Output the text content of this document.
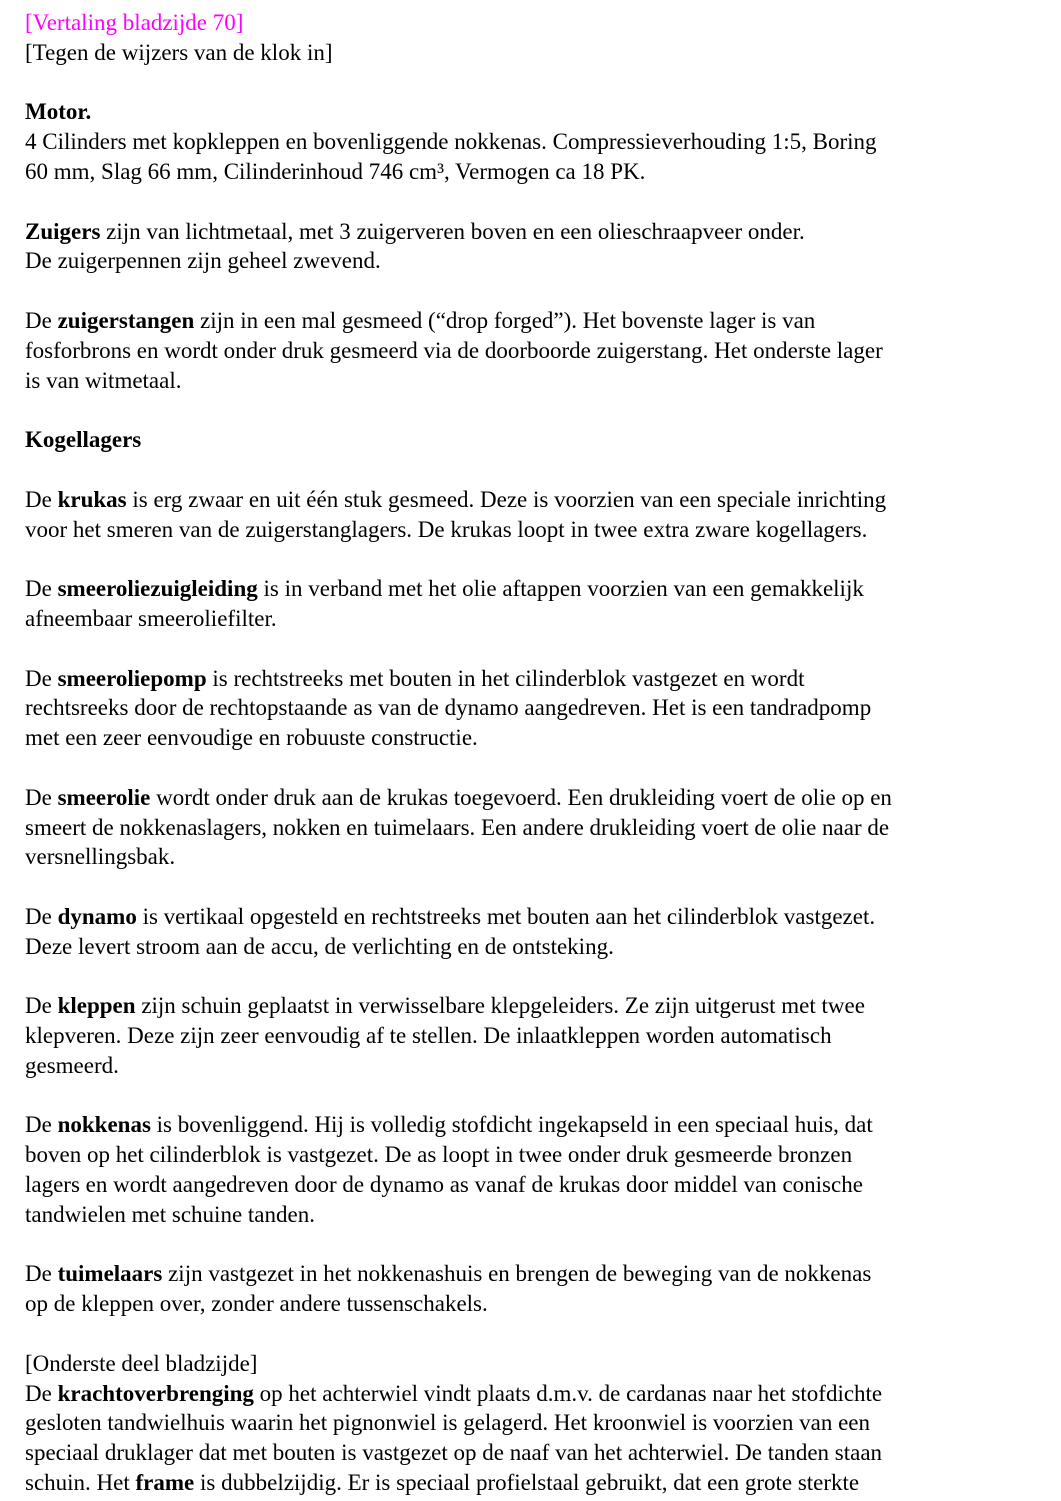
[Vertaling bladzijde 70]
[Tegen de wijzers van de klok in]
Motor.
4 Cilinders met kopkleppen en bovenliggende nokkenas. Compressieverhouding 1:5, Boring
60 mm, Slag 66 mm, Cilinderinhoud 746 cm³, Vermogen ca 18 PK.
Zuigers zijn van lichtmetaal, met 3 zuigerveren boven en een olieschraapveer onder.
De zuigerpennen zijn geheel zwevend.
De zuigerstangen zijn in een mal gesmeed (“drop forged”). Het bovenste lager is van
fosforbrons en wordt onder druk gesmeerd via de doorboorde zuigerstang. Het onderste lager
is van witmetaal.
Kogellagers
De krukas is erg zwaar en uit één stuk gesmeed. Deze is voorzien van een speciale inrichting
voor het smeren van de zuigerstanglagers. De krukas loopt in twee extra zware kogellagers.
De smeeroliezuigleiding is in verband met het olie aftappen voorzien van een gemakkelijk
afneembaar smeeroliefilter.
De smeeroliepomp is rechtstreeks met bouten in het cilinderblok vastgezet en wordt
rechtsreeks door de rechtopstaande as van de dynamo aangedreven. Het is een tandradpomp
met een zeer eenvoudige en robuuste constructie.
De smeerolie wordt onder druk aan de krukas toegevoerd. Een drukleiding voert de olie op en
smeert de nokkenaslagers, nokken en tuimelaars. Een andere drukleiding voert de olie naar de
versnellingsbak.
De dynamo is vertikaal opgesteld en rechtstreeks met bouten aan het cilinderblok vastgezet.
Deze levert stroom aan de accu, de verlichting en de ontsteking.
De kleppen zijn schuin geplaatst in verwisselbare klepgeleiders. Ze zijn uitgerust met twee
klepveren. Deze zijn zeer eenvoudig af te stellen. De inlaatkleppen worden automatisch
gesmeerd.
De nokkenas is bovenliggend. Hij is volledig stofdicht ingekapseld in een speciaal huis, dat
boven op het cilinderblok is vastgezet. De as loopt in twee onder druk gesmeerde bronzen
lagers en wordt aangedreven door de dynamo as vanaf de krukas door middel van conische
tandwielen met schuine tanden.
De tuimelaars zijn vastgezet in het nokkenashuis en brengen de beweging van de nokkenas
op de kleppen over, zonder andere tussenschakels.
[Onderste deel bladzijde]
De krachtoverbrenging op het achterwiel vindt plaats d.m.v. de cardanas naar het stofdichte
gesloten tandwielhuis waarin het pignonwiel is gelagerd. Het kroonwiel is voorzien van een
speciaal druklager dat met bouten is vastgezet op de naaf van het achterwiel. De tanden staan
schuin. Het frame is dubbelzijdig. Er is speciaal profielstaal gebruikt, dat een grote sterkte
